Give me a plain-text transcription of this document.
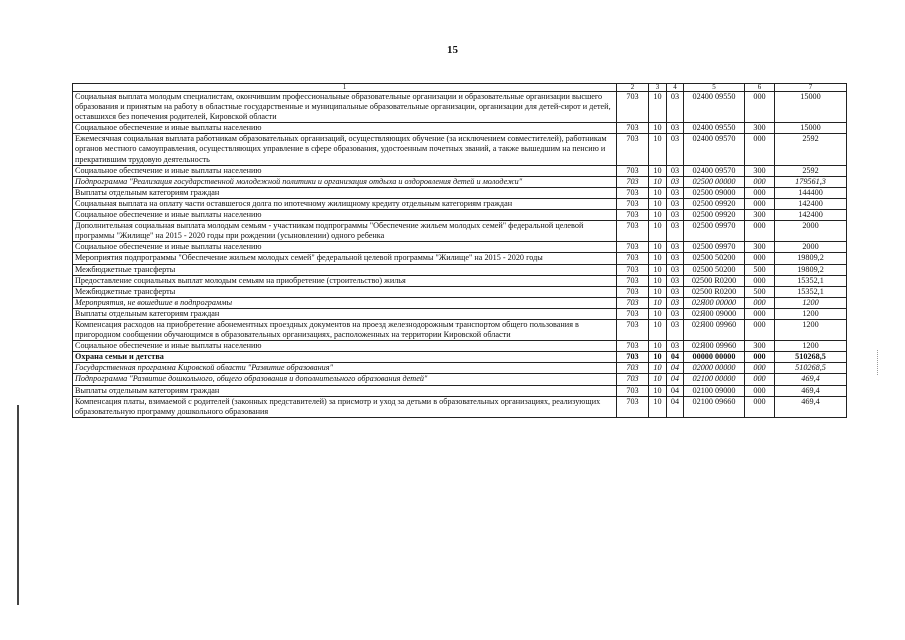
15
1	2	3	4	5	6	7
Социальная выплата молодым специалистам, окончившим профессиональные образовательные организации и образовательные организации высшего образования и принятым на работу в областные государственные и муниципальные образовательные организации, организации для детей-сирот и детей, оставшихся без попечения родителей, Кировской области	703	10	03	02400 09550	000	15000
Социальное обеспечение и иные выплаты населению	703	10	03	02400 09550	300	15000
Ежемесячная социальная выплата работникам образовательных организаций, осуществляющих обучение (за исключением совместителей), работникам органов местного самоуправления, осуществляющих управление в сфере образования, удостоенным почетных званий, а также вышедшим на пенсию и прекратившим трудовую деятельность	703	10	03	02400 09570	000	2592
Социальное обеспечение и иные выплаты населению	703	10	03	02400 09570	300	2592
Подпрограмма "Реализация государственной молодежной политики и организация отдыха и оздоровления детей и молодежи"	703	10	03	02500 00000	000	179561,3
Выплаты отдельным категориям граждан	703	10	03	02500 09000	000	144400
Социальная выплата на оплату части оставшегося долга по ипотечному жилищному кредиту отдельным категориям граждан	703	10	03	02500 09920	000	142400
Социальное обеспечение и иные выплаты населению	703	10	03	02500 09920	300	142400
Дополнительная социальная выплата молодым семьям - участникам подпрограммы "Обеспечение жильем молодых семей" федеральной целевой программы "Жилище" на 2015 - 2020 годы при рождении (усыновлении) одного ребенка	703	10	03	02500 09970	000	2000
Социальное обеспечение и иные выплаты населению	703	10	03	02500 09970	300	2000
Мероприятия подпрограммы "Обеспечение жильем молодых семей" федеральной целевой программы "Жилище" на 2015 - 2020 годы	703	10	03	02500 50200	000	19809,2
Межбюджетные трансферты	703	10	03	02500 50200	500	19809,2
Предоставление социальных выплат молодым семьям на приобретение (строительство) жилья	703	10	03	02500 R0200	000	15352,1
Межбюджетные трансферты	703	10	03	02500 R0200	500	15352,1
Мероприятия, не вошедшие в подпрограммы	703	10	03	02Я00 00000	000	1200
Выплаты отдельным категориям граждан	703	10	03	02Я00 09000	000	1200
Компенсация расходов на приобретение абонементных проездных документов на проезд железнодорожным транспортом общего пользования в пригородном сообщении обучающимся в образовательных организациях, расположенных на территории Кировской области	703	10	03	02Я00 09960	000	1200
Социальное обеспечение и иные выплаты населению	703	10	03	02Я00 09960	300	1200
Охрана семьи и детства	703	10	04	00000 00000	000	510268,5
Государственная программа Кировской области "Развитие образования"	703	10	04	02000 00000	000	510268,5
Подпрограмма "Развитие дошкольного, общего образования и дополнительного образования детей"	703	10	04	02100 00000	000	469,4
Выплаты отдельным категориям граждан	703	10	04	02100 09000	000	469,4
Компенсация платы, взимаемой с родителей (законных представителей) за присмотр и уход за детьми в образовательных организациях, реализующих образовательную программу дошкольного образования	703	10	04	02100 09660	000	469,4
